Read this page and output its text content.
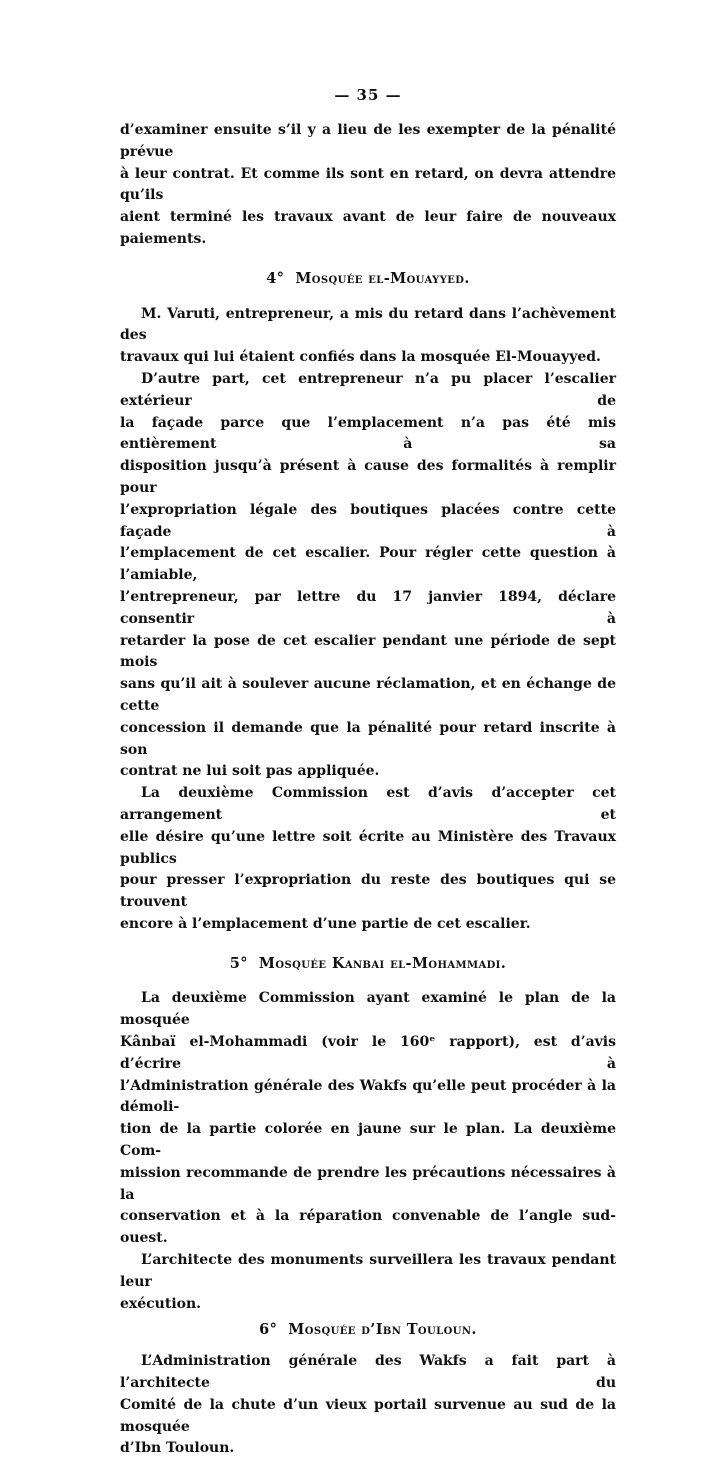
— 35 —
d’examiner ensuite s’il y a lieu de les exempter de la pénalité prévue
à leur contrat. Et comme ils sont en retard, on devra attendre qu’ils
aient terminé les travaux avant de leur faire de nouveaux paiements.
4° Mosquée el-Mouayyed.
M. Varuti, entrepreneur, a mis du retard dans l’achèvement des
travaux qui lui étaient confiés dans la mosquée El-Mouayyed.
D’autre part, cet entrepreneur n’a pu placer l’escalier extérieur de
la façade parce que l’emplacement n’a pas été mis entièrement à sa
disposition jusqu’à présent à cause des formalités à remplir pour
l’expropriation légale des boutiques placées contre cette façade à
l’emplacement de cet escalier. Pour régler cette question à l’amiable,
l’entrepreneur, par lettre du 17 janvier 1894, déclare consentir à
retarder la pose de cet escalier pendant une période de sept mois
sans qu’il ait à soulever aucune réclamation, et en échange de cette
concession il demande que la pénalité pour retard inscrite à son
contrat ne lui soit pas appliquée.
La deuxième Commission est d’avis d’accepter cet arrangement et
elle désire qu’une lettre soit écrite au Ministère des Travaux publics
pour presser l’expropriation du reste des boutiques qui se trouvent
encore à l’emplacement d’une partie de cet escalier.
5° Mosquée Kanbai el-Mohammadi.
La deuxième Commission ayant examiné le plan de la mosquée
Kânbaï el-Mohammadi (voir le 160ᵉ rapport), est d’avis d’écrire à
l’Administration générale des Wakfs qu’elle peut procéder à la démoli-
tion de la partie colorée en jaune sur le plan. La deuxième Com-
mission recommande de prendre les précautions nécessaires à la
conservation et à la réparation convenable de l’angle sud-ouest.
L’architecte des monuments surveillera les travaux pendant leur
exécution.
6° Mosquée d’Ibn Touloun.
L’Administration générale des Wakfs a fait part à l’architecte du
Comité de la chute d’un vieux portail survenue au sud de la mosquée
d’Ibn Touloun.
